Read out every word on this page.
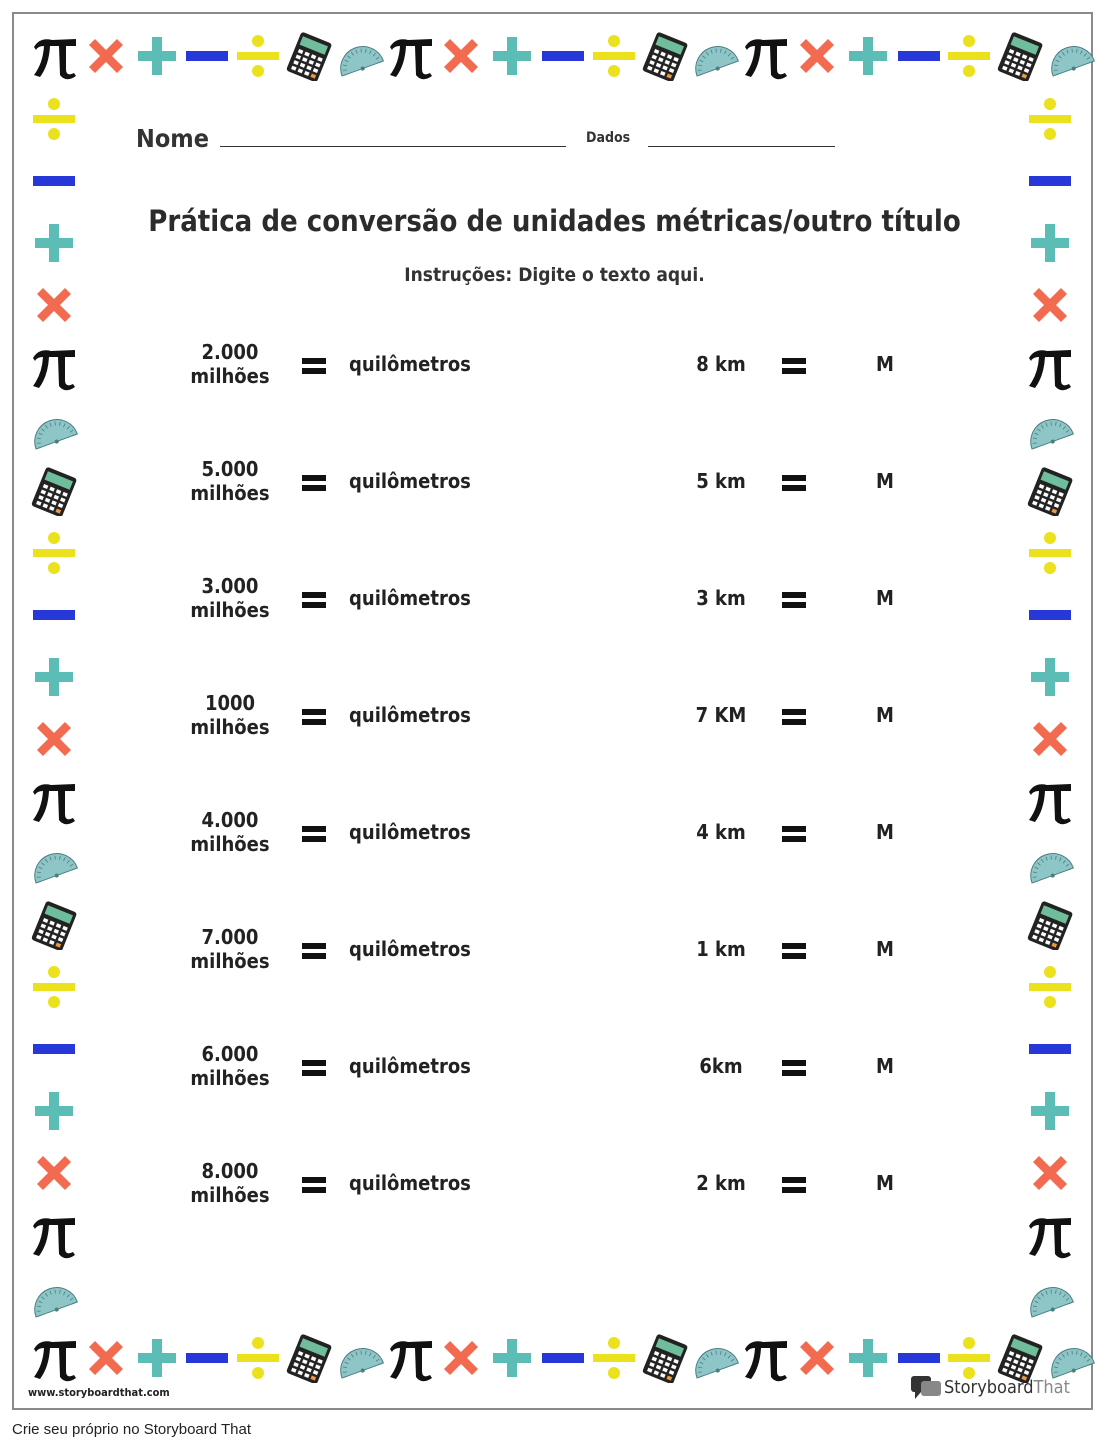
Nome	Dados
Prática de conversão de unidades métricas/outro título
Instruções: Digite o texto aqui.
2.000
milhões	quilômetros	8 km	M
5.000
milhões	quilômetros	5 km	M
3.000
milhões	quilômetros	3 km	M
1000
milhões	quilômetros	7 KM	M
4.000
milhões	quilômetros	4 km	M
7.000
milhões	quilômetros	1 km	M
6.000
milhões	quilômetros	6km	M
8.000
milhões	quilômetros	2 km	M
www.storyboardthat.com	Storyboard That
Crie seu próprio no Storyboard That
